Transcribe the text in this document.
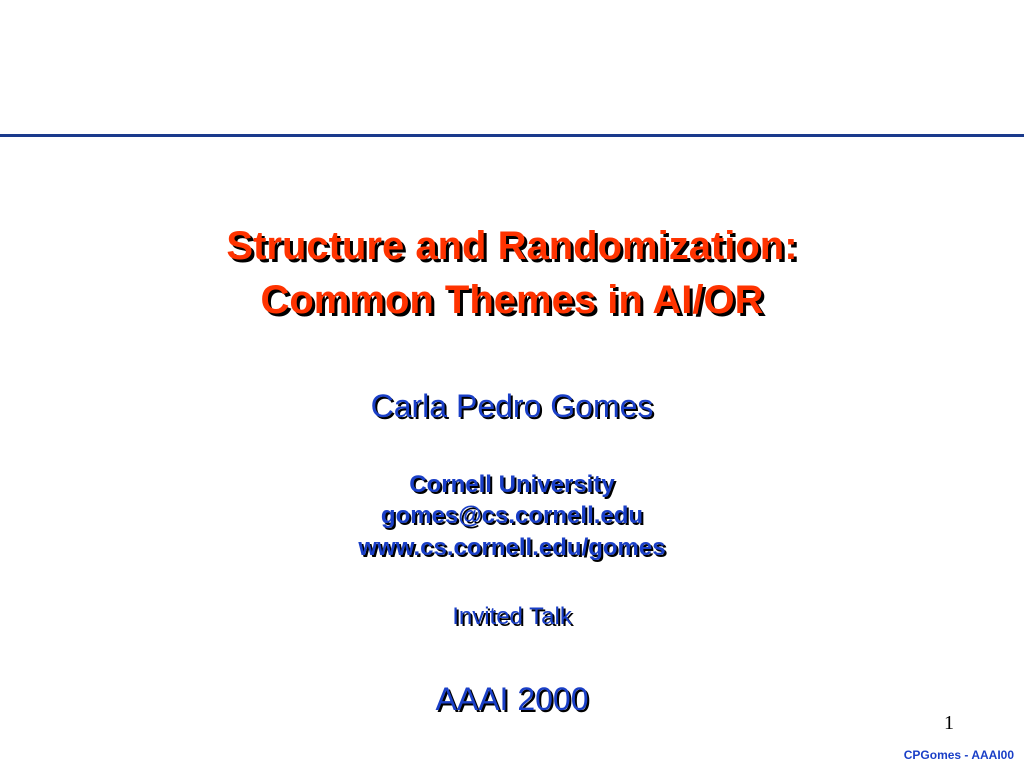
Structure and Randomization:
Common Themes in AI/OR
Carla Pedro Gomes
Cornell University
gomes@cs.cornell.edu
www.cs.cornell.edu/gomes
Invited Talk
AAAI 2000
1
CPGomes - AAAI00
